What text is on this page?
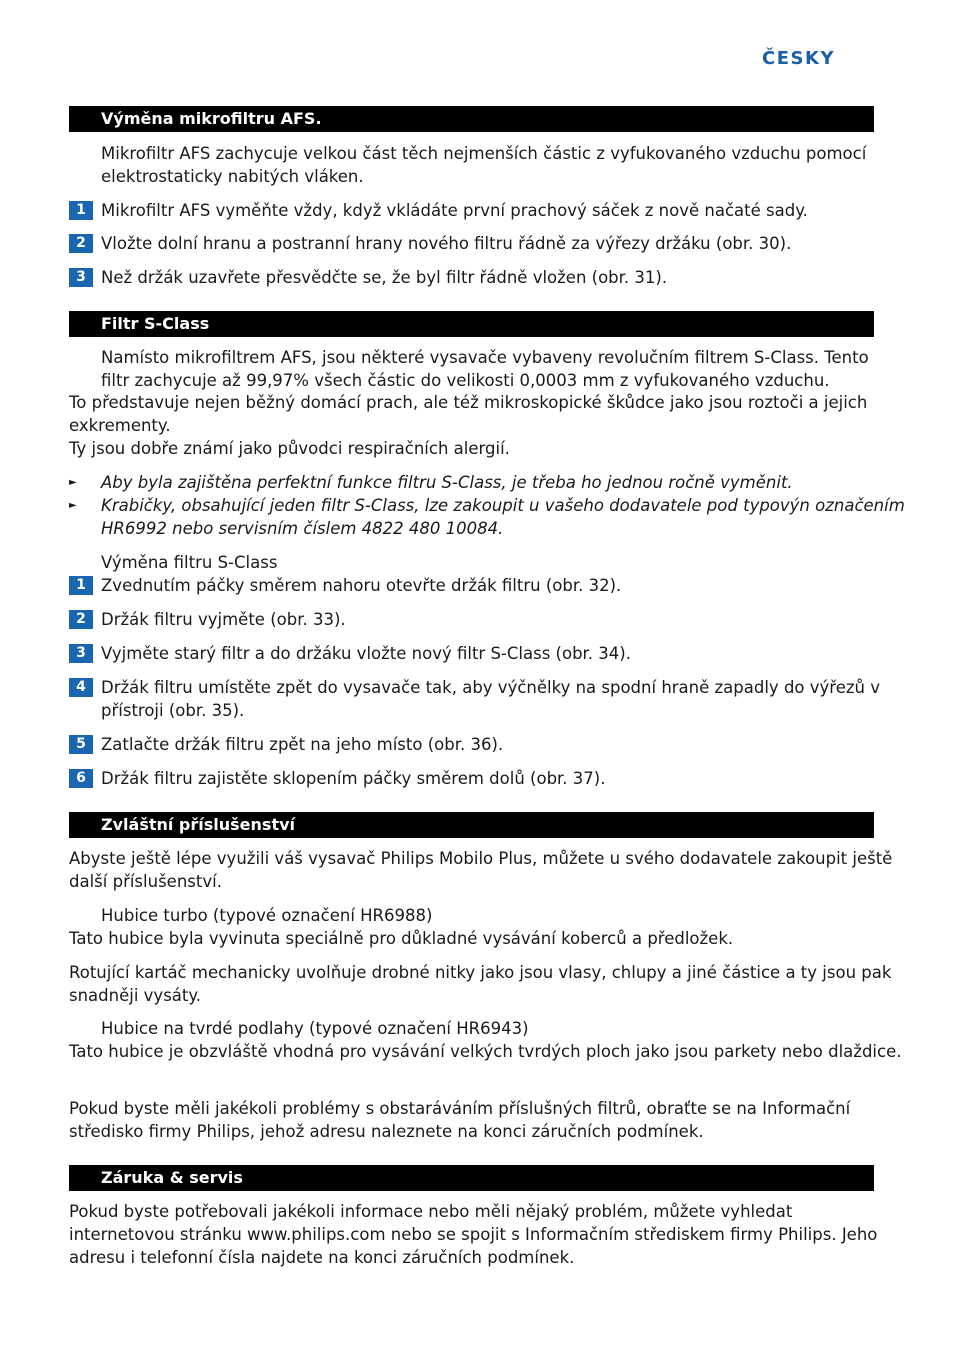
ČESKY
Výměna mikrofiltru AFS.
Mikrofiltr AFS zachycuje velkou část těch nejmenších částic z vyfukovaného vzduchu pomocí
elektrostaticky nabitých vláken.
1 Mikrofiltr AFS vyměňte vždy, když vkládáte první prachový sáček z nově načaté sady.
2 Vložte dolní hranu a postranní hrany nového filtru řádně za výřezy držáku (obr. 30).
3 Než držák uzavřete přesvědčte se, že byl filtr řádně vložen (obr. 31).
Filtr S-Class
Namísto mikrofiltrem AFS, jsou některé vysavače vybaveny revolučním filtrem S-Class. Tento
filtr zachycuje až 99,97% všech částic do velikosti 0,0003 mm z vyfukovaného vzduchu.
To představuje nejen běžný domácí prach, ale též mikroskopické škůdce jako jsou roztoči a jejich
exkrementy.
Ty jsou dobře známí jako původci respiračních alergií.
► Aby byla zajištěna perfektní funkce filtru S-Class, je třeba ho jednou ročně vyměnit.
► Krabičky, obsahující jeden filtr S-Class, lze zakoupit u vašeho dodavatele pod typovýn označením
HR6992 nebo servisním číslem 4822 480 10084.
Výměna filtru S-Class
1 Zvednutím páčky směrem nahoru otevřte držák filtru (obr. 32).
2 Držák filtru vyjměte (obr. 33).
3 Vyjměte starý filtr a do držáku vložte nový filtr S-Class (obr. 34).
4 Držák filtru umístěte zpět do vysavače tak, aby výčnělky na spodní hraně zapadly do výřezů v
přístroji (obr. 35).
5 Zatlačte držák filtru zpět na jeho místo (obr. 36).
6 Držák filtru zajistěte sklopením páčky směrem dolů (obr. 37).
Zvláštní příslušenství
Abyste ještě lépe využili váš vysavač Philips Mobilo Plus, můžete u svého dodavatele zakoupit ještě
další příslušenství.
Hubice turbo (typové označení HR6988)
Tato hubice byla vyvinuta speciálně pro důkladné vysávání koberců a předložek.
Rotující kartáč mechanicky uvolňuje drobné nitky jako jsou vlasy, chlupy a jiné částice a ty jsou pak
snadněji vysáty.
Hubice na tvrdé podlahy (typové označení HR6943)
Tato hubice je obzvláště vhodná pro vysávání velkých tvrdých ploch jako jsou parkety nebo dlaždice.
Pokud byste měli jakékoli problémy s obstaráváním příslušných filtrů, obraťte se na Informační
středisko firmy Philips, jehož adresu naleznete na konci záručních podmínek.
Záruka & servis
Pokud byste potřebovali jakékoli informace nebo měli nějaký problém, můžete vyhledat
internetovou stránku www.philips.com nebo se spojit s Informačním střediskem firmy Philips. Jeho
adresu i telefonní čísla najdete na konci záručních podmínek.
